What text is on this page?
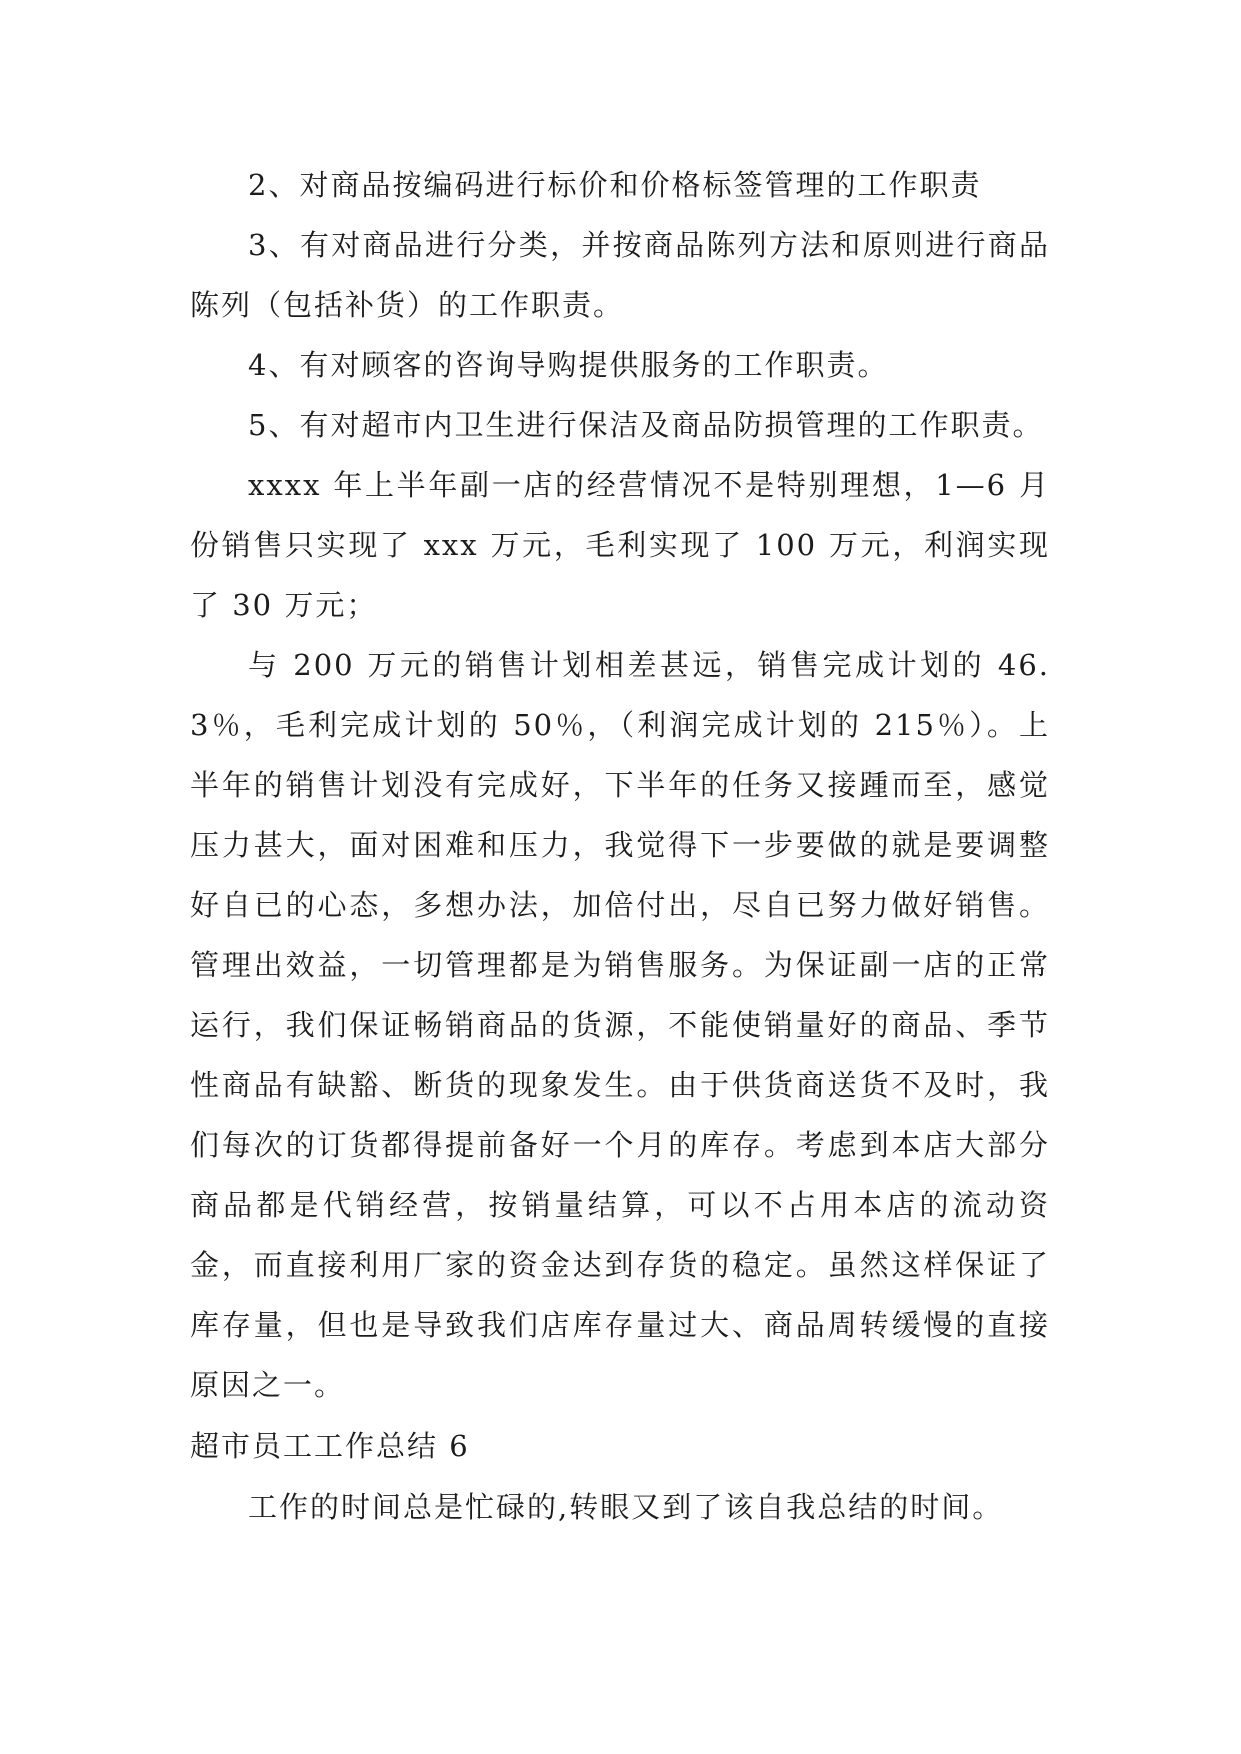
2、对商品按编码进行标价和价格标签管理的工作职责

3、有对商品进行分类，并按商品陈列方法和原则进行商品陈列（包括补货）的工作职责。

4、有对顾客的咨询导购提供服务的工作职责。

5、有对超市内卫生进行保洁及商品防损管理的工作职责。

xxxx 年上半年副一店的经营情况不是特别理想，1—6 月份销售只实现了 xxx 万元，毛利实现了 100 万元，利润实现了 30 万元；

与 200 万元的销售计划相差甚远，销售完成计划的 46.3％，毛利完成计划的 50％，（利润完成计划的 215％）。上半年的销售计划没有完成好，下半年的任务又接踵而至，感觉压力甚大，面对困难和压力，我觉得下一步要做的就是要调整好自已的心态，多想办法，加倍付出，尽自已努力做好销售。管理出效益，一切管理都是为销售服务。为保证副一店的正常运行，我们保证畅销商品的货源，不能使销量好的商品、季节性商品有缺豁、断货的现象发生。由于供货商送货不及时，我们每次的订货都得提前备好一个月的库存。考虑到本店大部分商品都是代销经营，按销量结算，可以不占用本店的流动资金，而直接利用厂家的资金达到存货的稳定。虽然这样保证了库存量，但也是导致我们店库存量过大、商品周转缓慢的直接原因之一。

超市员工工作总结 6

工作的时间总是忙碌的,转眼又到了该自我总结的时间。
